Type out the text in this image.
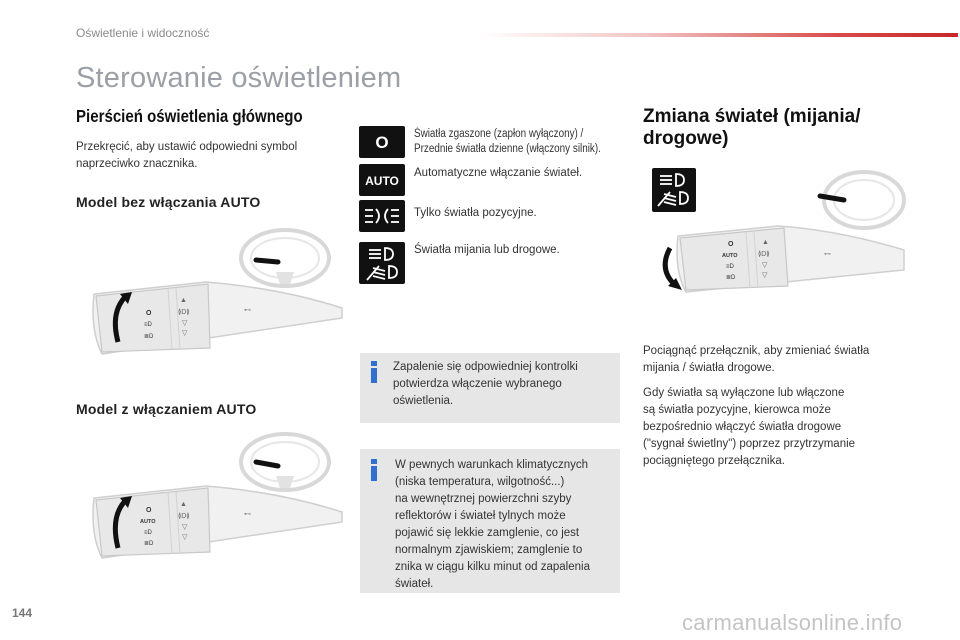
Oświetlenie i widoczność
Sterowanie oświetleniem
Pierścień oświetlenia głównego
Przekręcić, aby ustawić odpowiedni symbol
naprzeciwko znacznika.
Model bez włączania AUTO
O
≡D
≣D
▲
≬D≬
▽
▽
⊷
Model z włączaniem AUTO
O
AUTO
≡D
≣D
▲
≬D≬
▽
▽
⊷
O Światła zgaszone (zapłon wyłączony) /
Przednie światła dzienne (włączony silnik).
AUTO
Automatyczne włączanie świateł.
Tylko światła pozycyjne.
Światła mijania lub drogowe.
Zapalenie się odpowiedniej kontrolki
potwierdza włączenie wybranego
oświetlenia.
W pewnych warunkach klimatycznych
(niska temperatura, wilgotność...)
na wewnętrznej powierzchni szyby
reflektorów i świateł tylnych może
pojawić się lekkie zamglenie, co jest
normalnym zjawiskiem; zamglenie to
znika w ciągu kilku minut od zapalenia
świateł.
Zmiana świateł (mijania/
drogowe)
O
AUTO
≡D
≣D
▲
≬D≬
▽
▽
⊷
Pociągnąć przełącznik, aby zmieniać światła
mijania / światła drogowe.
Gdy światła są wyłączone lub włączone
są światła pozycyjne, kierowca może
bezpośrednio włączyć światła drogowe
("sygnał świetlny") poprzez przytrzymanie
pociągniętego przełącznika.
144	carmanualsonline.info
